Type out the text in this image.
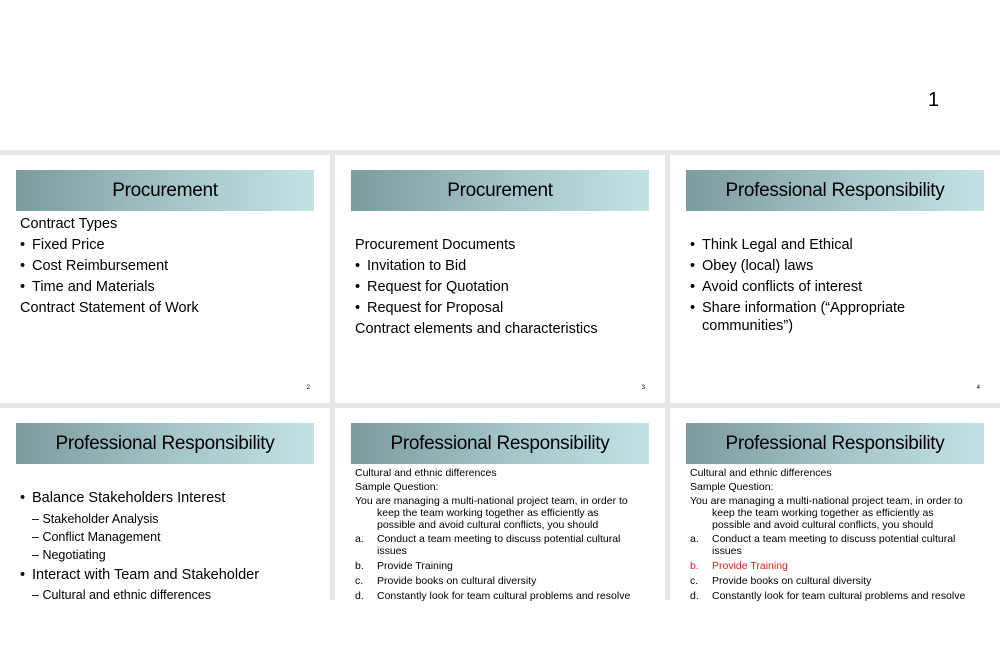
1
Procurement
Contract Types
• Fixed Price
• Cost Reimbursement
• Time and Materials
Contract Statement of Work
2
Procurement
Procurement Documents
• Invitation to Bid
• Request for Quotation
• Request for Proposal
Contract elements and characteristics
3
Professional Responsibility
• Think Legal and Ethical
• Obey (local) laws
• Avoid conflicts of interest
• Share information (“Appropriate communities”)
4
Professional Responsibility
• Balance Stakeholders Interest
– Stakeholder Analysis
– Conflict Management
– Negotiating
• Interact with Team and Stakeholder
– Cultural and ethnic differences
Professional Responsibility
Cultural and ethnic differences
Sample Question:
You are managing a multi-national project team, in order to
keep the team working together as efficiently as
possible and avoid cultural conflicts, you should
a. Conduct a team meeting to discuss potential cultural
issues
b. Provide Training
c. Provide books on cultural diversity
d. Constantly look for team cultural problems and resolve
Professional Responsibility
Cultural and ethnic differences
Sample Question:
You are managing a multi-national project team, in order to
keep the team working together as efficiently as
possible and avoid cultural conflicts, you should
a. Conduct a team meeting to discuss potential cultural
issues
b. Provide Training
c. Provide books on cultural diversity
d. Constantly look for team cultural problems and resolve
